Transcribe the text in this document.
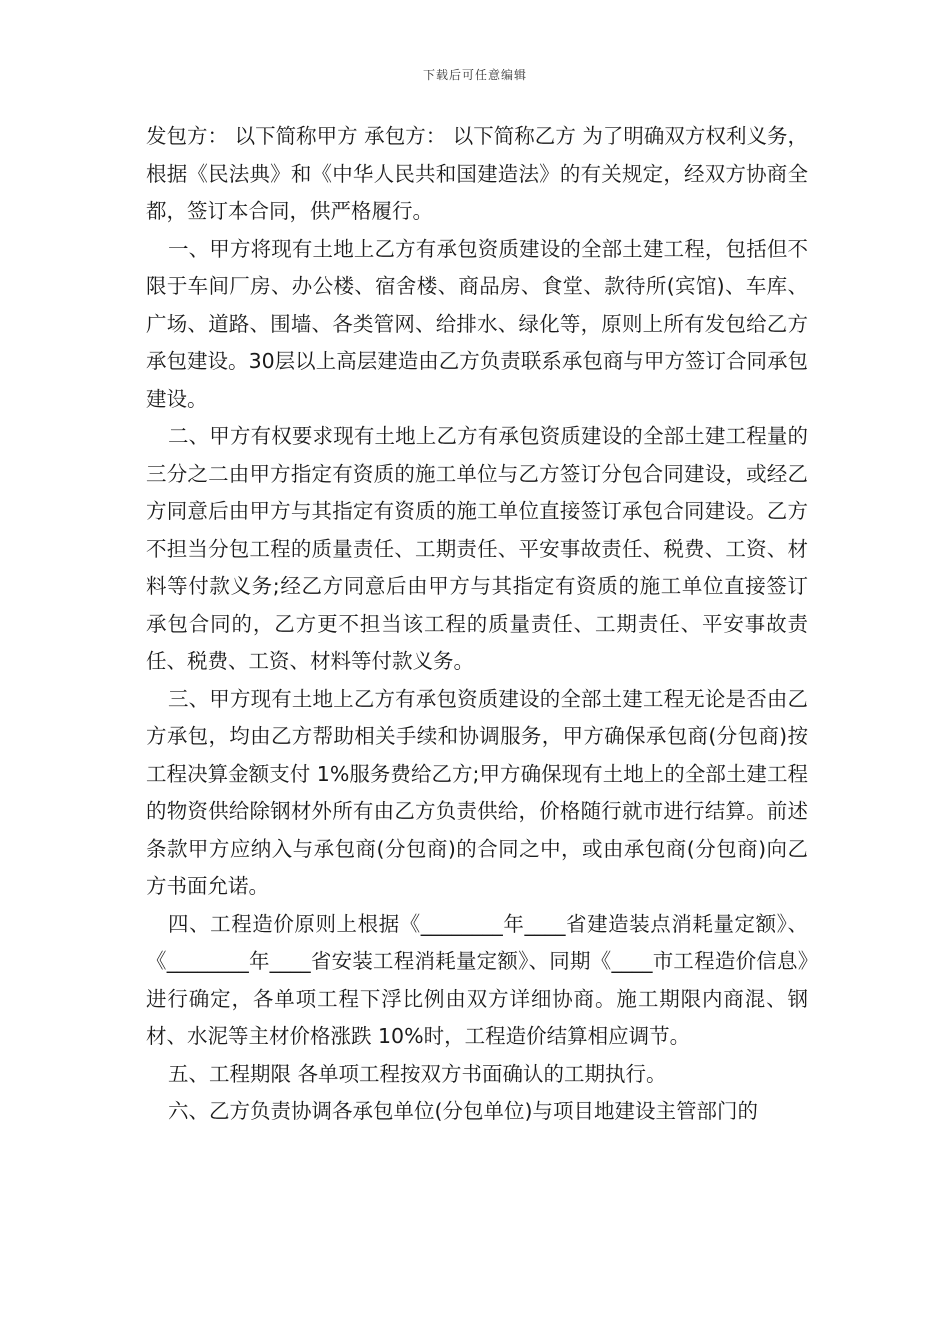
下载后可任意编辑

发包方： 以下简称甲方 承包方： 以下简称乙方 为了明确双方权利义务，根据《民法典》和《中华人民共和国建造法》的有关规定，经双方协商全都，签订本合同，供严格履行。

一、甲方将现有土地上乙方有承包资质建设的全部土建工程，包括但不限于车间厂房、办公楼、宿舍楼、商品房、食堂、款待所(宾馆)、车库、广场、道路、围墙、各类管网、给排水、绿化等，原则上所有发包给乙方承包建设。30层以上高层建造由乙方负责联系承包商与甲方签订合同承包建设。

二、甲方有权要求现有土地上乙方有承包资质建设的全部土建工程量的三分之二由甲方指定有资质的施工单位与乙方签订分包合同建设，或经乙方同意后由甲方与其指定有资质的施工单位直接签订承包合同建设。乙方不担当分包工程的质量责任、工期责任、平安事故责任、税费、工资、材料等付款义务;经乙方同意后由甲方与其指定有资质的施工单位直接签订承包合同的，乙方更不担当该工程的质量责任、工期责任、平安事故责任、税费、工资、材料等付款义务。

三、甲方现有土地上乙方有承包资质建设的全部土建工程无论是否由乙方承包，均由乙方帮助相关手续和协调服务，甲方确保承包商(分包商)按工程决算金额支付 1%服务费给乙方;甲方确保现有土地上的全部土建工程的物资供给除钢材外所有由乙方负责供给，价格随行就市进行结算。前述条款甲方应纳入与承包商(分包商)的合同之中，或由承包商(分包商)向乙方书面允诺。

四、工程造价原则上根据《________年____省建造装点消耗量定额》、《________年____省安装工程消耗量定额》、同期《____市工程造价信息》进行确定，各单项工程下浮比例由双方详细协商。施工期限内商混、钢材、水泥等主材价格涨跌 10%时，工程造价结算相应调节。

五、工程期限 各单项工程按双方书面确认的工期执行。

六、乙方负责协调各承包单位(分包单位)与项目地建设主管部门的
